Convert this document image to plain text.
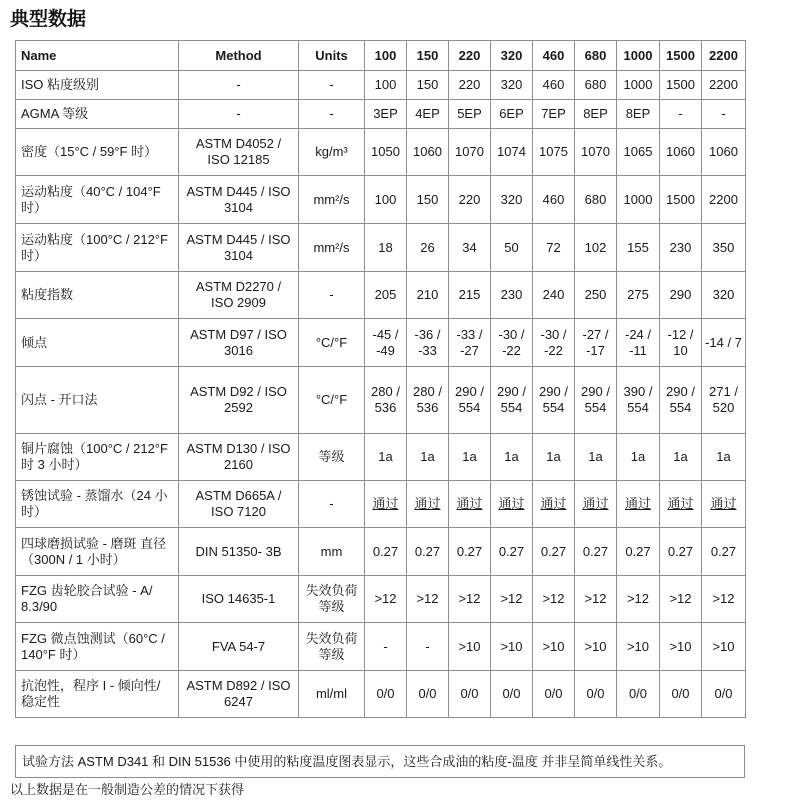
典型数据
Name	Method	Units	100	150	220	320	460	680	1000	1500	2200
ISO 粘度级别	-	-	100	150	220	320	460	680	1000	1500	2200
AGMA 等级	-	-	3EP	4EP	5EP	6EP	7EP	8EP	8EP	-	-
密度（15°C / 59°F 时）	ASTM D4052 / ISO 12185	kg/m³	1050	1060	1070	1074	1075	1070	1065	1060	1060
运动粘度（40°C / 104°F 时）	ASTM D445 / ISO 3104	mm²/s	100	150	220	320	460	680	1000	1500	2200
运动粘度（100°C / 212°F 时）	ASTM D445 / ISO 3104	mm²/s	18	26	34	50	72	102	155	230	350
粘度指数	ASTM D2270 / ISO 2909	-	205	210	215	230	240	250	275	290	320
倾点	ASTM D97 / ISO 3016	°C/°F	-45 / -49	-36 / -33	-33 / -27	-30 / -22	-30 / -22	-27 / -17	-24 / -11	-12 / 10	-14 / 7
闪点 - 开口法	ASTM D92 / ISO 2592	°C/°F	280 / 536	280 / 536	290 / 554	290 / 554	290 / 554	290 / 554	390 / 554	290 / 554	271 / 520
铜片腐蚀（100°C / 212°F 时 3 小时）	ASTM D130 / ISO 2160	等级	1a	1a	1a	1a	1a	1a	1a	1a	1a
锈蚀试验 - 蒸馏水（24 小时）	ASTM D665A / ISO 7120	-	通过	通过	通过	通过	通过	通过	通过	通过	通过
四球磨损试验 - 磨斑 直径（300N / 1 小时）	DIN 51350- 3B	mm	0.27	0.27	0.27	0.27	0.27	0.27	0.27	0.27	0.27
FZG 齿轮胶合试验 - A/ 8.3/90	ISO 14635-1	失效负荷等级	>12	>12	>12	>12	>12	>12	>12	>12	>12
FZG 微点蚀测试（60°C / 140°F 时）	FVA 54-7	失效负荷等级	-	-	>10	>10	>10	>10	>10	>10	>10
抗泡性，程序 I - 倾向性/ 稳定性	ASTM D892 / ISO 6247	ml/ml	0/0	0/0	0/0	0/0	0/0	0/0	0/0	0/0	0/0
试验方法 ASTM D341 和 DIN 51536 中使用的粘度温度图表显示，这些合成油的粘度-温度 并非呈简单线性关系。
以上数据是在一般制造公差的情况下获得
